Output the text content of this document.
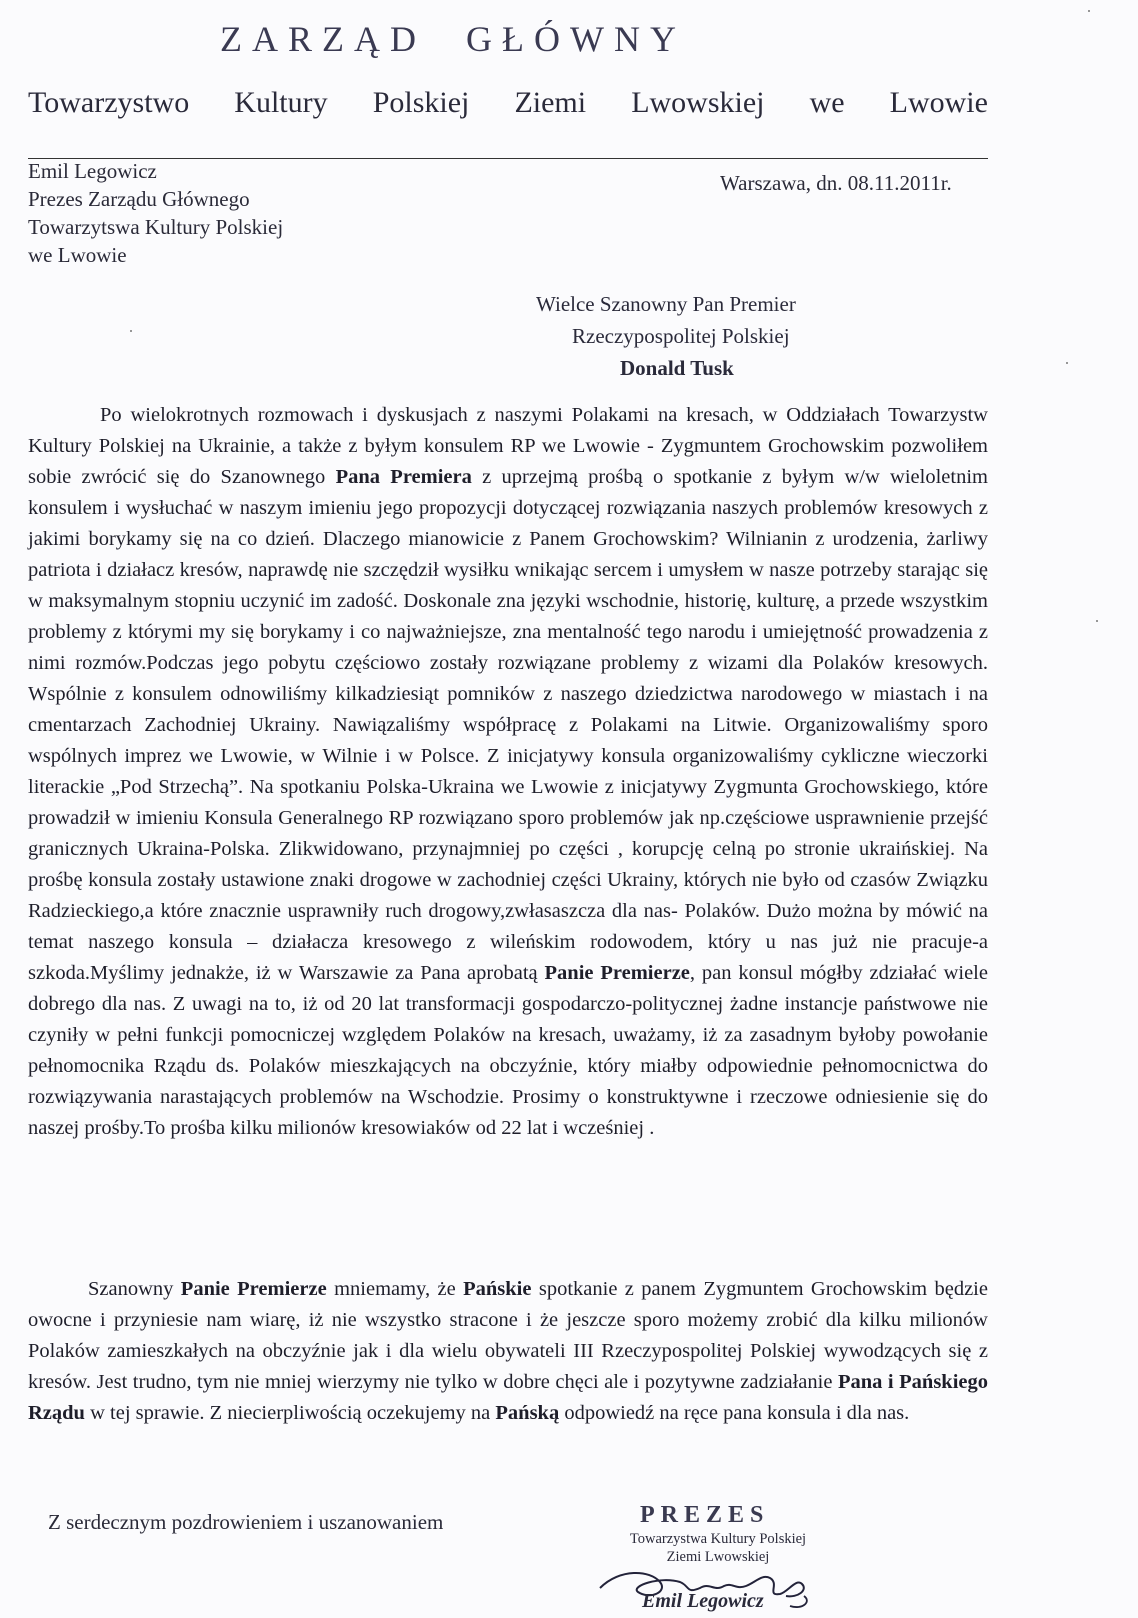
ZARZĄD GŁÓWNY
Towarzystwo Kultury Polskiej Ziemi Lwowskiej we Lwowie
Emil Legowicz
Prezes Zarządu Głównego
Towarzytswa Kultury Polskiej
we Lwowie
Warszawa, dn. 08.11.2011r.
Wielce Szanowny Pan Premier
Rzeczypospolitej Polskiej
Donald Tusk

Po wielokrotnych rozmowach i dyskusjach z naszymi Polakami na kresach, w Oddziałach Towarzystw Kultury Polskiej na Ukrainie, a także z byłym konsulem RP we Lwowie - Zygmuntem Grochowskim pozwoliłem sobie zwrócić się do Szanownego Pana Premiera z uprzejmą prośbą o spotkanie z byłym w/w wieloletnim konsulem i wysłuchać w naszym imieniu jego propozycji dotyczącej rozwiązania naszych problemów kresowych z jakimi borykamy się na co dzień. Dlaczego mianowicie z Panem Grochowskim? Wilnianin z urodzenia, żarliwy patriota i działacz kresów, naprawdę nie szczędził wysiłku wnikając sercem i umysłem w nasze potrzeby starając się w maksymalnym stopniu uczynić im zadość. Doskonale zna języki wschodnie, historię, kulturę, a przede wszystkim problemy z którymi my się borykamy i co najważniejsze, zna mentalność tego narodu i umiejętność prowadzenia z nimi rozmów.Podczas jego pobytu częściowo zostały rozwiązane problemy z wizami dla Polaków kresowych. Wspólnie z konsulem odnowiliśmy kilkadziesiąt pomników z naszego dziedzictwa narodowego w miastach i na cmentarzach Zachodniej Ukrainy. Nawiązaliśmy współpracę z Polakami na Litwie. Organizowaliśmy sporo wspólnych imprez we Lwowie, w Wilnie i w Polsce. Z inicjatywy konsula organizowaliśmy cykliczne wieczorki literackie „Pod Strzechą”. Na spotkaniu Polska-Ukraina we Lwowie z inicjatywy Zygmunta Grochowskiego, które prowadził w imieniu Konsula Generalnego RP rozwiązano sporo problemów jak np.częściowe usprawnienie przejść granicznych Ukraina-Polska. Zlikwidowano, przynajmniej po części , korupcję celną po stronie ukraińskiej. Na prośbę konsula zostały ustawione znaki drogowe w zachodniej części Ukrainy, których nie było od czasów Związku Radzieckiego,a które znacznie usprawniły ruch drogowy,zwłasaszcza dla nas- Polaków. Dużo można by mówić na temat naszego konsula – działacza kresowego z wileńskim rodowodem, który u nas już nie pracuje-a szkoda.Myślimy jednakże, iż w Warszawie za Pana aprobatą Panie Premierze, pan konsul mógłby zdziałać wiele dobrego dla nas. Z uwagi na to, iż od 20 lat transformacji gospodarczo-politycznej żadne instancje państwowe nie czyniły w pełni funkcji pomocniczej względem Polaków na kresach, uważamy, iż za zasadnym byłoby powołanie pełnomocnika Rządu ds. Polaków mieszkających na obczyźnie, który miałby odpowiednie pełnomocnictwa do rozwiązywania narastających problemów na Wschodzie. Prosimy o konstruktywne i rzeczowe odniesienie się do naszej prośby.To prośba kilku milionów kresowiaków od 22 lat i wcześniej .

Szanowny Panie Premierze mniemamy, że Pańskie spotkanie z panem Zygmuntem Grochowskim będzie owocne i przyniesie nam wiarę, iż nie wszystko stracone i że jeszcze sporo możemy zrobić dla kilku milionów Polaków zamieszkałych na obczyźnie jak i dla wielu obywateli III Rzeczypospolitej Polskiej wywodzących się z kresów. Jest trudno, tym nie mniej wierzymy nie tylko w dobre chęci ale i pozytywne zadziałanie Pana i Pańskiego Rządu w tej sprawie. Z niecierpliwością oczekujemy na Pańską odpowiedź na ręce pana konsula i dla nas.

Z serdecznym pozdrowieniem i uszanowaniem	PREZES
Towarzystwa Kultury Polskiej
Ziemi Lwowskiej
Emil Legowicz
